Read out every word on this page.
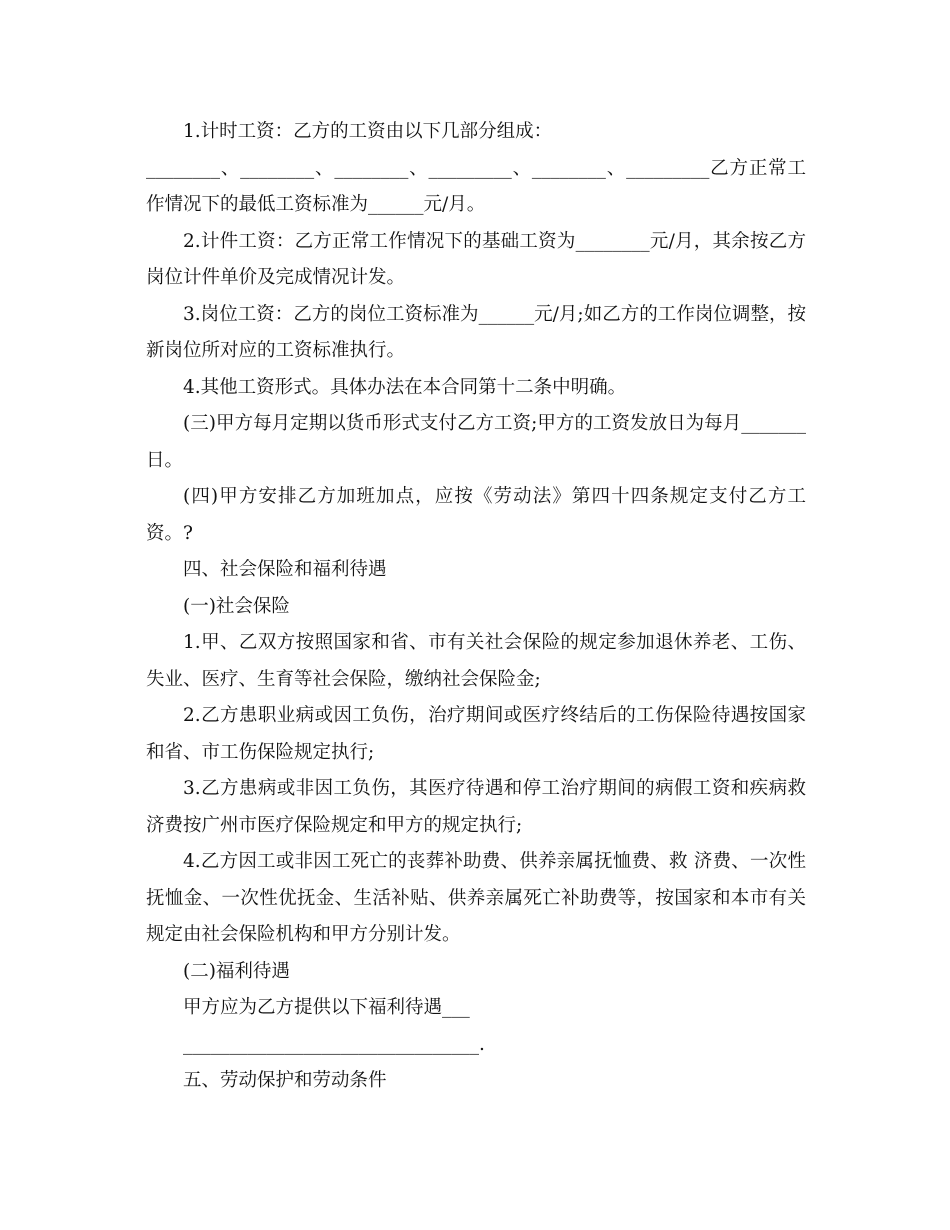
1.计时工资：乙方的工资由以下几部分组成：

________、________、________、_________、________、_________乙方正常工作情况下的最低工资标准为______元/月。

2.计件工资：乙方正常工作情况下的基础工资为________元/月，其余按乙方岗位计件单价及完成情况计发。

3.岗位工资：乙方的岗位工资标准为______元/月;如乙方的工作岗位调整，按新岗位所对应的工资标准执行。

4.其他工资形式。具体办法在本合同第十二条中明确。

(三)甲方每月定期以货币形式支付乙方工资;甲方的工资发放日为每月_______日。

(四)甲方安排乙方加班加点，应按《劳动法》第四十四条规定支付乙方工资。?

四、社会保险和福利待遇

(一)社会保险

1.甲、乙双方按照国家和省、市有关社会保险的规定参加退休养老、工伤、失业、医疗、生育等社会保险，缴纳社会保险金;

2.乙方患职业病或因工负伤，治疗期间或医疗终结后的工伤保险待遇按国家和省、市工伤保险规定执行;

3.乙方患病或非因工负伤，其医疗待遇和停工治疗期间的病假工资和疾病救济费按广州市医疗保险规定和甲方的规定执行;

4.乙方因工或非因工死亡的丧葬补助费、供养亲属抚恤费、救 济费、一次性抚恤金、一次性优抚金、生活补贴、供养亲属死亡补助费等，按国家和本市有关规定由社会保险机构和甲方分别计发。

(二)福利待遇

甲方应为乙方提供以下福利待遇___

________________________________.

五、劳动保护和劳动条件
